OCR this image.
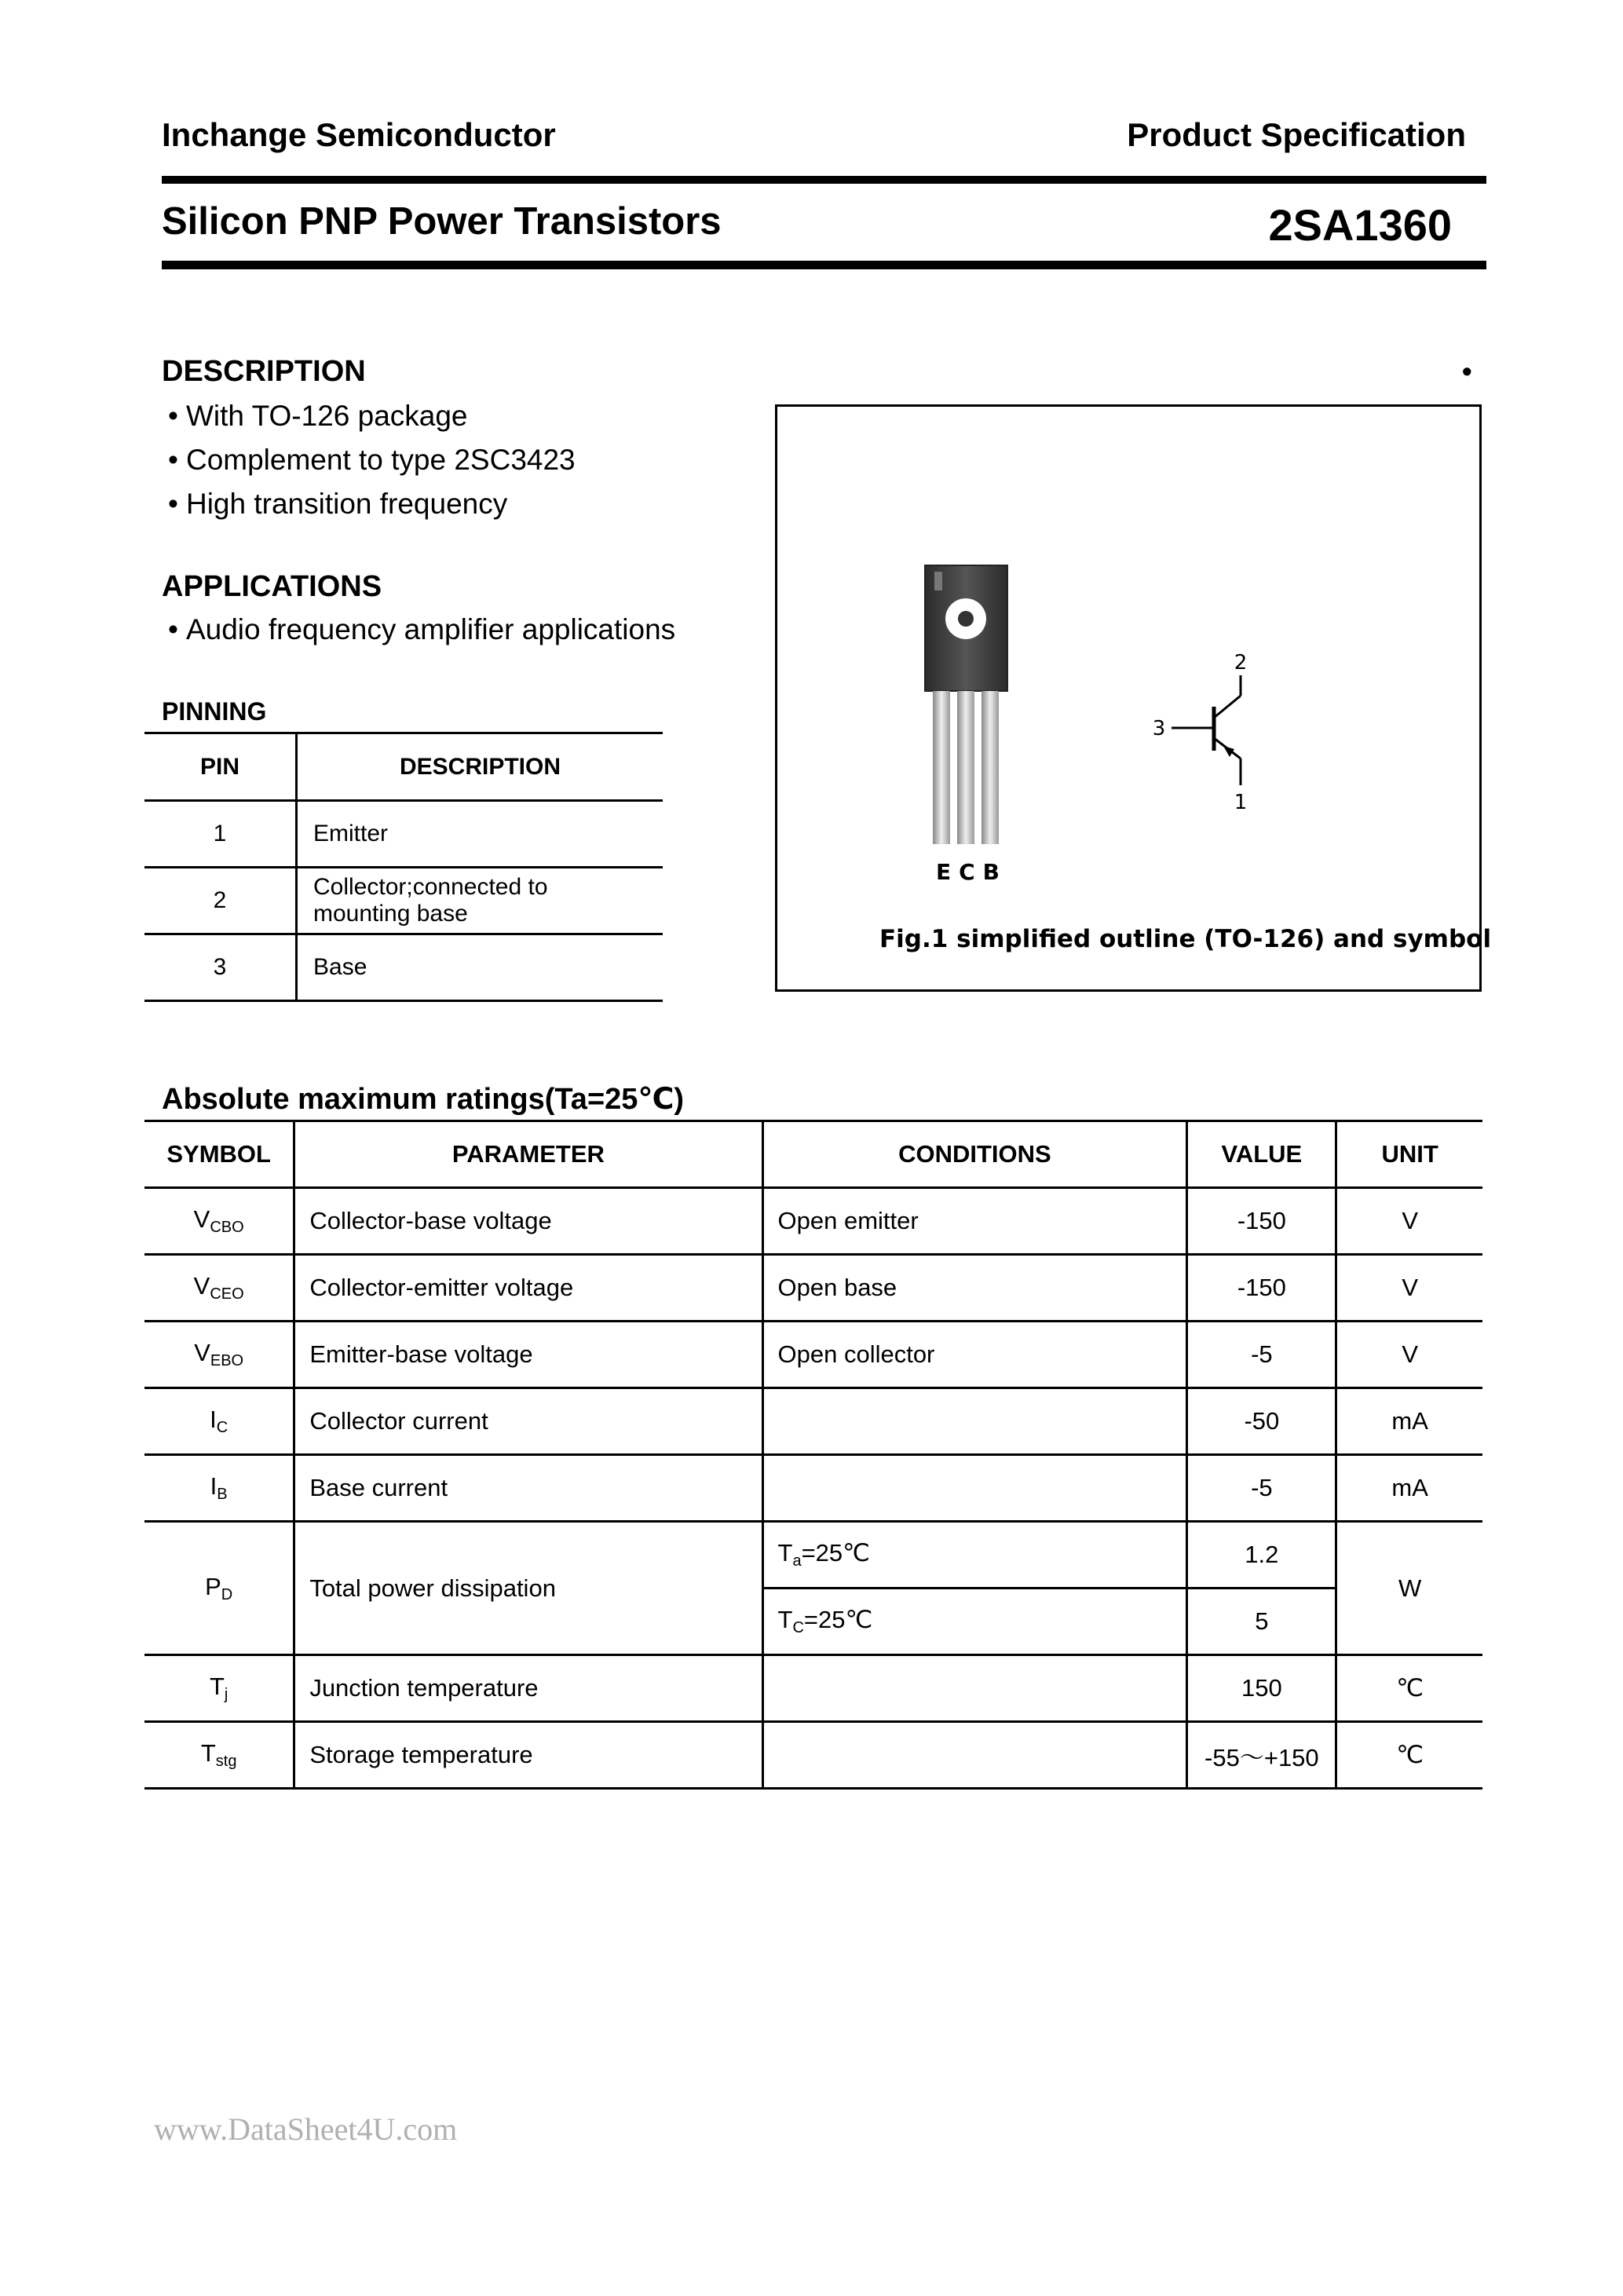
Inchange Semiconductor	Product Specification
Silicon PNP Power Transistors	2SA1360
DESCRIPTION
• With TO-126 package
• Complement to type 2SC3423
• High transition frequency
•
APPLICATIONS
• Audio frequency amplifier applications
PINNING
PIN	DESCRIPTION
1	Emitter
2	Collector;connected to
mounting base

3	Base
2
3
1
ECB
Fig.1 simplified outline (TO-126) and symbol
Absolute maximum ratings(Ta=25℃)
SYMBOL	PARAMETER	CONDITIONS	VALUE	UNIT
$V_{CBO}$	Collector-base voltage	Open emitter	-150	V
$V_{CEO}$	Collector-emitter voltage	Open base	-150	V
$V_{EBO}$	Emitter-base voltage	Open collector	-5	V
$I_C$	Collector current		-50	mA
$I_B$	Base current		-5	mA
$P_D$	Total power dissipation	$T_a=25℃$	1.2	W
		$T_C=25℃$	5	
$T_j$	Junction temperature		150	℃
$T_{stg}$	Storage temperature		-55～+150	℃
www.DataSheet4U.com
